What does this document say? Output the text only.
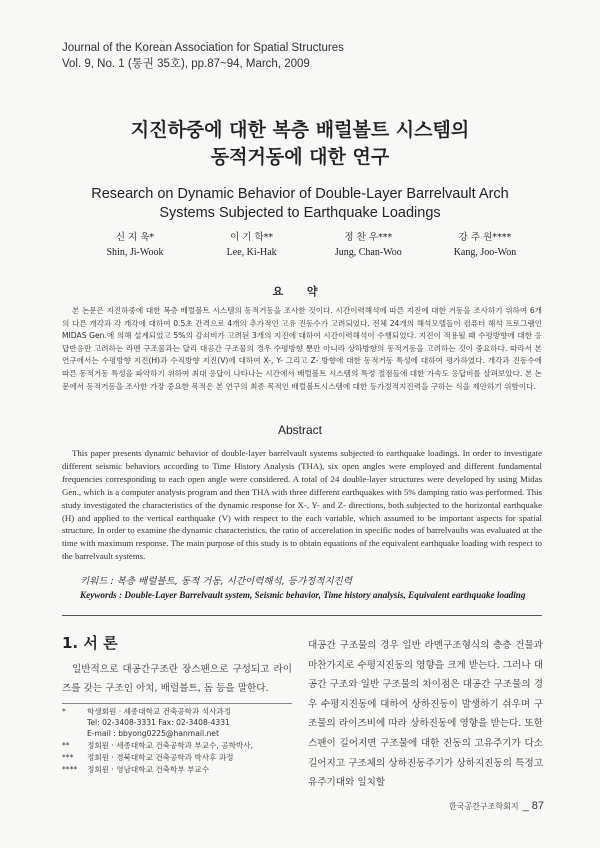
Journal of the Korean Association for Spatial Structures
Vol. 9, No. 1 (통권 35호), pp.87~94, March, 2009
지진하중에 대한 복층 배럴볼트 시스템의
동적거동에 대한 연구
Research on Dynamic Behavior of Double-Layer Barrelvault Arch
Systems Subjected to Earthquake Loadings
신 지 욱*
Shin, Ji-Wook
이 기 학**
Lee, Ki-Hak
정 찬 우***
Jung, Chan-Woo
강 주 원****
Kang, Joo-Won
요 약
본 논문은 지진하중에 대한 복층 배럴볼트 시스템의 동적거동을 조사한 것이다. 시간이력해석에 따른 지진에 대한 거동을 조사하기 위하여 6개의 다른 개각과 각 개각에 대하여 0.5초 간격으로 4개의 추가적인 고유 진동수가 고려되었다. 전체 24개의 해석모델들이 컴퓨터 해석 프로그램인 MIDAS Gen.에 의해 설계되었고 5%의 감쇠비가 고려된 3개의 지진에 대하여 시간이력해석이 수행되었다. 지진이 적용될 때 수평방향에 대한 응답반응만 고려하는 라멘 구조물과는 달리 대공간 구조물의 경우 수평방향 뿐만 아니라 상하방향의 동적거동을 고려하는 것이 중요하다. 따라서 본 연구에서는 수평방향 지진(H)과 수직방향 지진(V)에 대하여 X-, Y- 그리고 Z- 방향에 대한 동적거동 특성에 대하여 평가하였다. 개각과 진동수에 따른 동적거동 특성을 파악하기 위하여 최대 응답이 나타나는 시간에서 배럴볼트 시스템의 특정 절점들에 대한 가속도 응답비를 살펴보았다. 본 논문에서 동적거동을 조사한 가장 중요한 목적은 본 연구의 최종 목적인 배럴볼트시스템에 대한 등가정적지진력을 구하는 식을 제안하기 위함이다.
Abstract
This paper presents dynamic behavior of double-layer barrelvault systems subjected to earthquake loadings. In order to investigate different seismic behaviors according to Time History Analysis (THA), six open angles were employed and different fundamental frequencies corresponding to each open angle were considered. A total of 24 double-layer structures were developed by using Midas Gen., which is a computer analysis program and then THA with three different earthquakes with 5% damping ratio was performed. This study investigated the characteristics of the dynamic response for X-, Y- and Z- directions, both subjected to the horizontal earthquake (H) and applied to the vertical earthquake (V) with respect to the each variable, which assumed to be important aspects for spatial structure. In order to examine the dynamic characteristics, the ratio of accerelation in specific nodes of barrelvaults was evaluated at the time with maximum response. The main purpose of this study is to obtain equations of the equivalent earthquake loading with respect to the barrelvault systems.
키워드 : 복층 배럴볼트, 동적 거동, 시간이력해석, 등가정적지진력
Keywords : Double-Layer Barrelvault system, Seismic behavior, Time history analysis, Equivalent earthquake loading
1. 서 론
일반적으로 대공간구조란 장스팬으로 구성되고 라이즈를 갖는 구조인 아치, 배럴볼트, 돔 등을 말한다.
*	학생회원 · 세종대학교 건축공학과 석사과정
Tel: 02-3408-3331 Fax: 02-3408-4331
E-mail : bbyong0225@hanmail.net
**	정회원 · 세종대학교 건축공학과 부교수, 공학박사,
***	정회원 · 경북대학교 건축공학과 박사후 과정
****	정회원 · 영남대학교 건축학부 부교수
대공간 구조물의 경우 일반 라멘구조형식의 층층 건물과 마찬가지로 수평지진동의 영향을 크게 받는다. 그러나 대공간 구조와 일반 구조물의 차이점은 대공간 구조물의 경우 수평지진동에 대하여 상하진동이 발생하기 쉬우며 구조물의 라이즈비에 따라 상하진동에 영향을 받는다. 또한 스팬이 길어지면 구조물에 대한 진동의 고유주기가 다소 길어지고 구조체의 상하진동주기가 상하지진동의 특정고유주기대와 일치할
한국공간구조학회지 _ 87
